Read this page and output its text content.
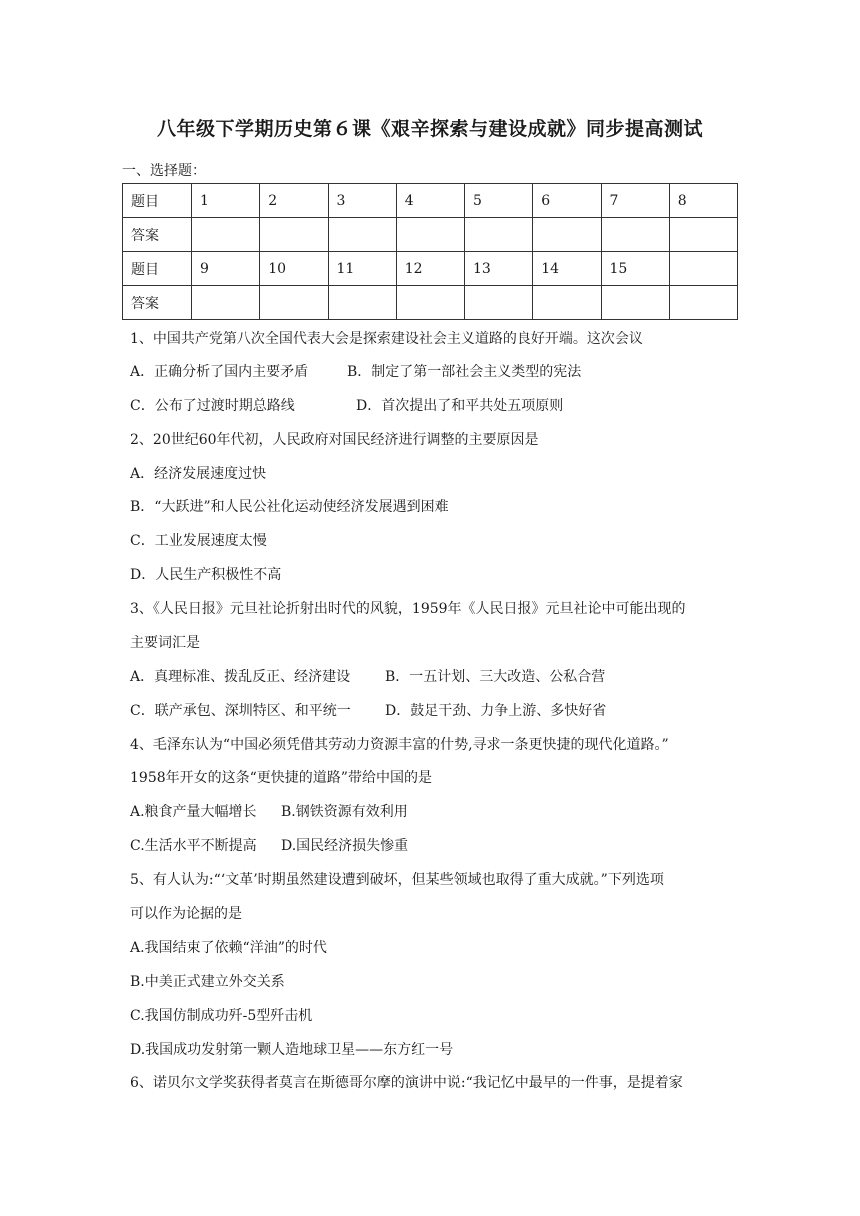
八年级下学期历史第６课《艰辛探索与建设成就》同步提高测试
一、选择题：
题目	1	2	3	4	5	6	7	8
答案								
题目	9	10	11	12	13	14	15	
答案								
1、中国共产党第八次全国代表大会是探索建设社会主义道路的良好开端。这次会议
A．正确分析了国内主要矛盾	B．制定了第一部社会主义类型的宪法
C．公布了过渡时期总路线	D．首次提出了和平共处五项原则
2、20世纪60年代初，人民政府对国民经济进行调整的主要原因是
A．经济发展速度过快
B．“大跃进”和人民公社化运动使经济发展遇到困难
C．工业发展速度太慢
D．人民生产积极性不高
3、《人民日报》元旦社论折射出时代的风貌，1959年《人民日报》元旦社论中可能出现的
主要词汇是
A．真理标准、拨乱反正、经济建设 B．一五计划、三大改造、公私合营
C．联产承包、深圳特区、和平统一 D．鼓足干劲、力争上游、多快好省
4、毛泽东认为“中国必须凭借其劳动力资源丰富的什势,寻求一条更快捷的现代化道路。”
1958年开女的这条“更快捷的道路”带给中国的是
A.粮食产量大幅增长 B.钢铁资源有效利用
C.生活水平不断提高 D.国民经济损失惨重
5、有人认为:“‘文革’时期虽然建设遭到破坏，但某些领域也取得了重大成就。”下列选项
可以作为论据的是
A.我国结束了依赖“洋油”的时代
B.中美正式建立外交关系
C.我国仿制成功歼-5型歼击机
D.我国成功发射第一颗人造地球卫星——东方红一号
6、诺贝尔文学奖获得者莫言在斯德哥尔摩的演讲中说:“我记忆中最早的一件事，是提着家
